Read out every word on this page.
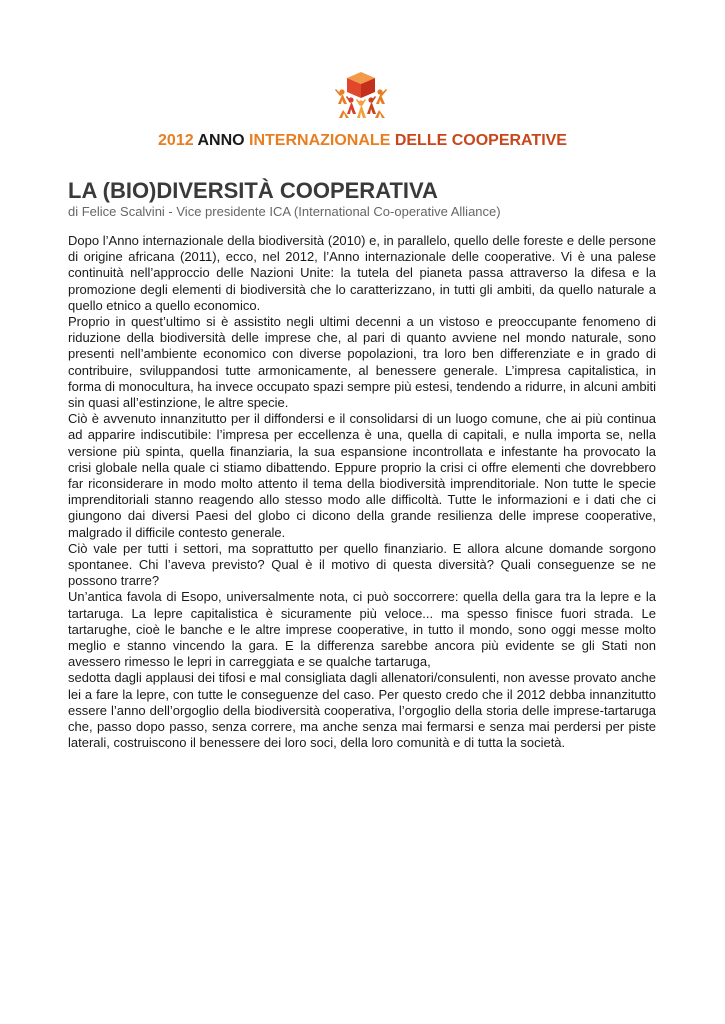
2012 ANNO INTERNAZIONALE DELLE COOPERATIVE
LA (BIO)DIVERSITÀ COOPERATIVA

di Felice Scalvini - Vice presidente ICA (International Co-operative Alliance)

Dopo l’Anno internazionale della biodiversità (2010) e, in parallelo, quello delle foreste e delle persone di origine africana (2011), ecco, nel 2012, l’Anno internazionale delle cooperative. Vi è una palese continuità nell’approccio delle Nazioni Unite: la tutela del pianeta passa attraverso la difesa e la promozione degli elementi di biodiversità che lo caratterizzano, in tutti gli ambiti, da quello naturale a quello etnico a quello economico.

Proprio in quest’ultimo si è assistito negli ultimi decenni a un vistoso e preoccupante fenomeno di riduzione della biodiversità delle imprese che, al pari di quanto avviene nel mondo naturale, sono presenti nell’ambiente economico con diverse popolazioni, tra loro ben differenziate e in grado di contribuire, sviluppandosi tutte armonicamente, al benessere generale. L’impresa capitalistica, in forma di monocultura, ha invece occupato spazi sempre più estesi, tendendo a ridurre, in alcuni ambiti sin quasi all’estinzione, le altre specie.

Ciò è avvenuto innanzitutto per il diffondersi e il consolidarsi di un luogo comune, che ai più continua ad apparire indiscutibile: l’impresa per eccellenza è una, quella di capitali, e nulla importa se, nella versione più spinta, quella finanziaria, la sua espansione incontrollata e infestante ha provocato la crisi globale nella quale ci stiamo dibattendo. Eppure proprio la crisi ci offre elementi che dovrebbero far riconsiderare in modo molto attento il tema della biodiversità imprenditoriale. Non tutte le specie imprenditoriali stanno reagendo allo stesso modo alle difficoltà. Tutte le informazioni e i dati che ci giungono dai diversi Paesi del globo ci dicono della grande resilienza delle imprese cooperative, malgrado il difficile contesto generale.

Ciò vale per tutti i settori, ma soprattutto per quello finanziario. E allora alcune domande sorgono spontanee. Chi l’aveva previsto? Qual è il motivo di questa diversità? Quali conseguenze se ne possono trarre?

Un’antica favola di Esopo, universalmente nota, ci può soccorrere: quella della gara tra la lepre e la tartaruga. La lepre capitalistica è sicuramente più veloce... ma spesso finisce fuori strada. Le tartarughe, cioè le banche e le altre imprese cooperative, in tutto il mondo, sono oggi messe molto meglio e stanno vincendo la gara. E la differenza sarebbe ancora più evidente se gli Stati non avessero rimesso le lepri in carreggiata e se qualche tartaruga,

sedotta dagli applausi dei tifosi e mal consigliata dagli allenatori/consulenti, non avesse provato anche lei a fare la lepre, con tutte le conseguenze del caso. Per questo credo che il 2012 debba innanzitutto essere l’anno dell’orgoglio della biodiversità cooperativa, l’orgoglio della storia delle imprese-tartaruga che, passo dopo passo, senza correre, ma anche senza mai fermarsi e senza mai perdersi per piste laterali, costruiscono il benessere dei loro soci, della loro comunità e di tutta la società.
